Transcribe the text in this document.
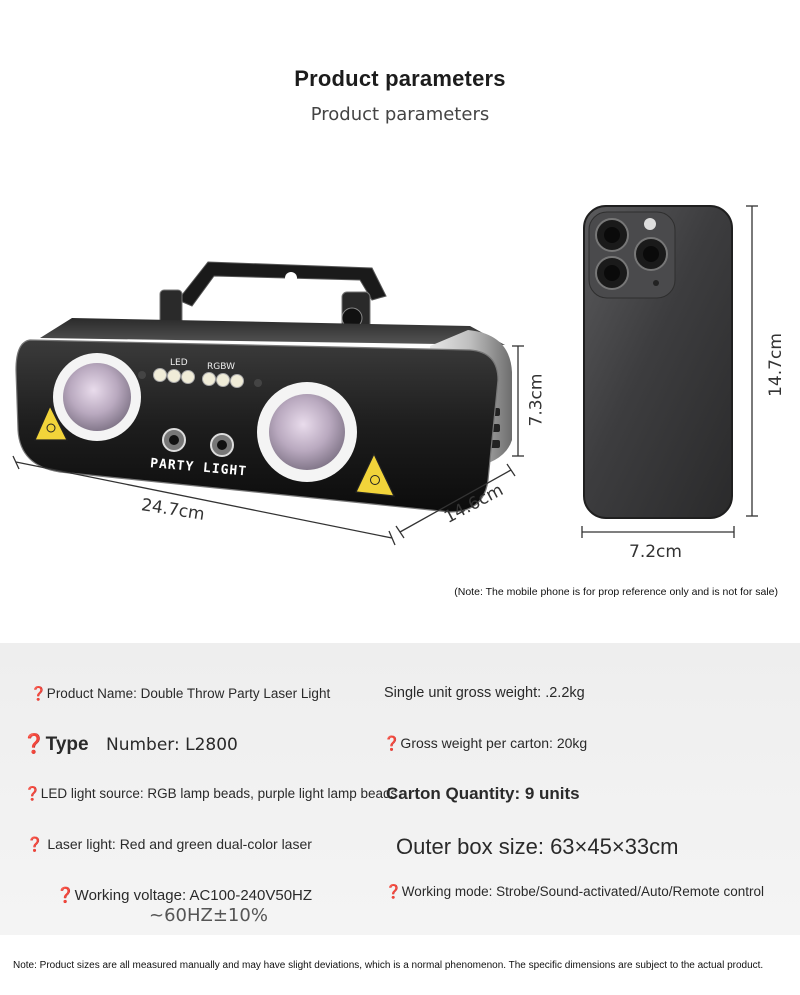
Product parameters
Product parameters
LED RGBW
PARTY LIGHT
24.7cm	14.6cm
7.3cm
14.7cm
7.2cm
(Note: The mobile phone is for prop reference only and is not for sale)
❓Product Name: Double Throw Party Laser Light
❓Type Number: L2800
❓LED light source: RGB lamp beads, purple light lamp beads
❓ Laser light: Red and green dual-color laser
❓Working voltage: AC100-240V50HZ
~60HZ±10%
Single unit gross weight: .2.2kg
❓Gross weight per carton: 20kg
Carton Quantity: 9 units
Outer box size: 63×45×33cm
❓Working mode: Strobe/Sound-activated/Auto/Remote control
Note: Product sizes are all measured manually and may have slight deviations, which is a normal phenomenon. The specific dimensions are subject to the actual product.
